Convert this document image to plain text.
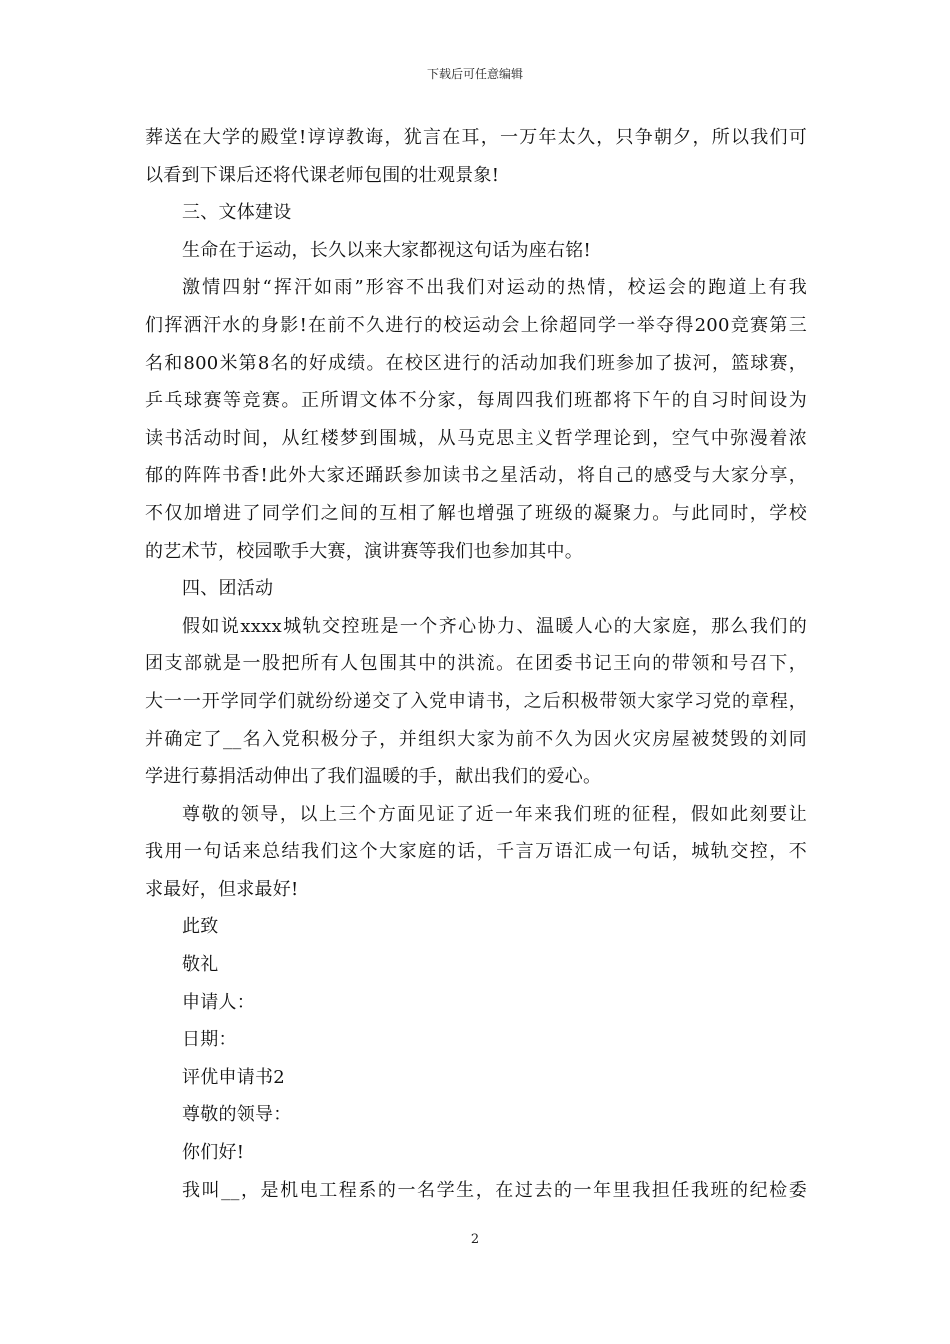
下载后可任意编辑
葬送在大学的殿堂!谆谆教诲，犹言在耳，一万年太久，只争朝夕，所以我们可
以看到下课后还将代课老师包围的壮观景象!
三、文体建设
生命在于运动，长久以来大家都视这句话为座右铭!
激情四射“挥汗如雨”形容不出我们对运动的热情，校运会的跑道上有我
们挥洒汗水的身影!在前不久进行的校运动会上徐超同学一举夺得200竞赛第三
名和800米第8名的好成绩。在校区进行的活动加我们班参加了拔河，篮球赛，
乒乓球赛等竞赛。正所谓文体不分家，每周四我们班都将下午的自习时间设为
读书活动时间，从红楼梦到围城，从马克思主义哲学理论到，空气中弥漫着浓
郁的阵阵书香!此外大家还踊跃参加读书之星活动，将自己的感受与大家分享，
不仅加增进了同学们之间的互相了解也增强了班级的凝聚力。与此同时，学校
的艺术节，校园歌手大赛，演讲赛等我们也参加其中。
四、团活动
假如说xxxx城轨交控班是一个齐心协力、温暖人心的大家庭，那么我们的
团支部就是一股把所有人包围其中的洪流。在团委书记王向的带领和号召下，
大一一开学同学们就纷纷递交了入党申请书，之后积极带领大家学习党的章程，
并确定了__名入党积极分子，并组织大家为前不久为因火灾房屋被焚毁的刘同
学进行募捐活动伸出了我们温暖的手，献出我们的爱心。
尊敬的领导，以上三个方面见证了近一年来我们班的征程，假如此刻要让
我用一句话来总结我们这个大家庭的话，千言万语汇成一句话，城轨交控，不
求最好，但求最好!
此致
敬礼
申请人：
日期：
评优申请书2
尊敬的领导：
你们好!
我叫__，是机电工程系的一名学生，在过去的一年里我担任我班的纪检委
2
